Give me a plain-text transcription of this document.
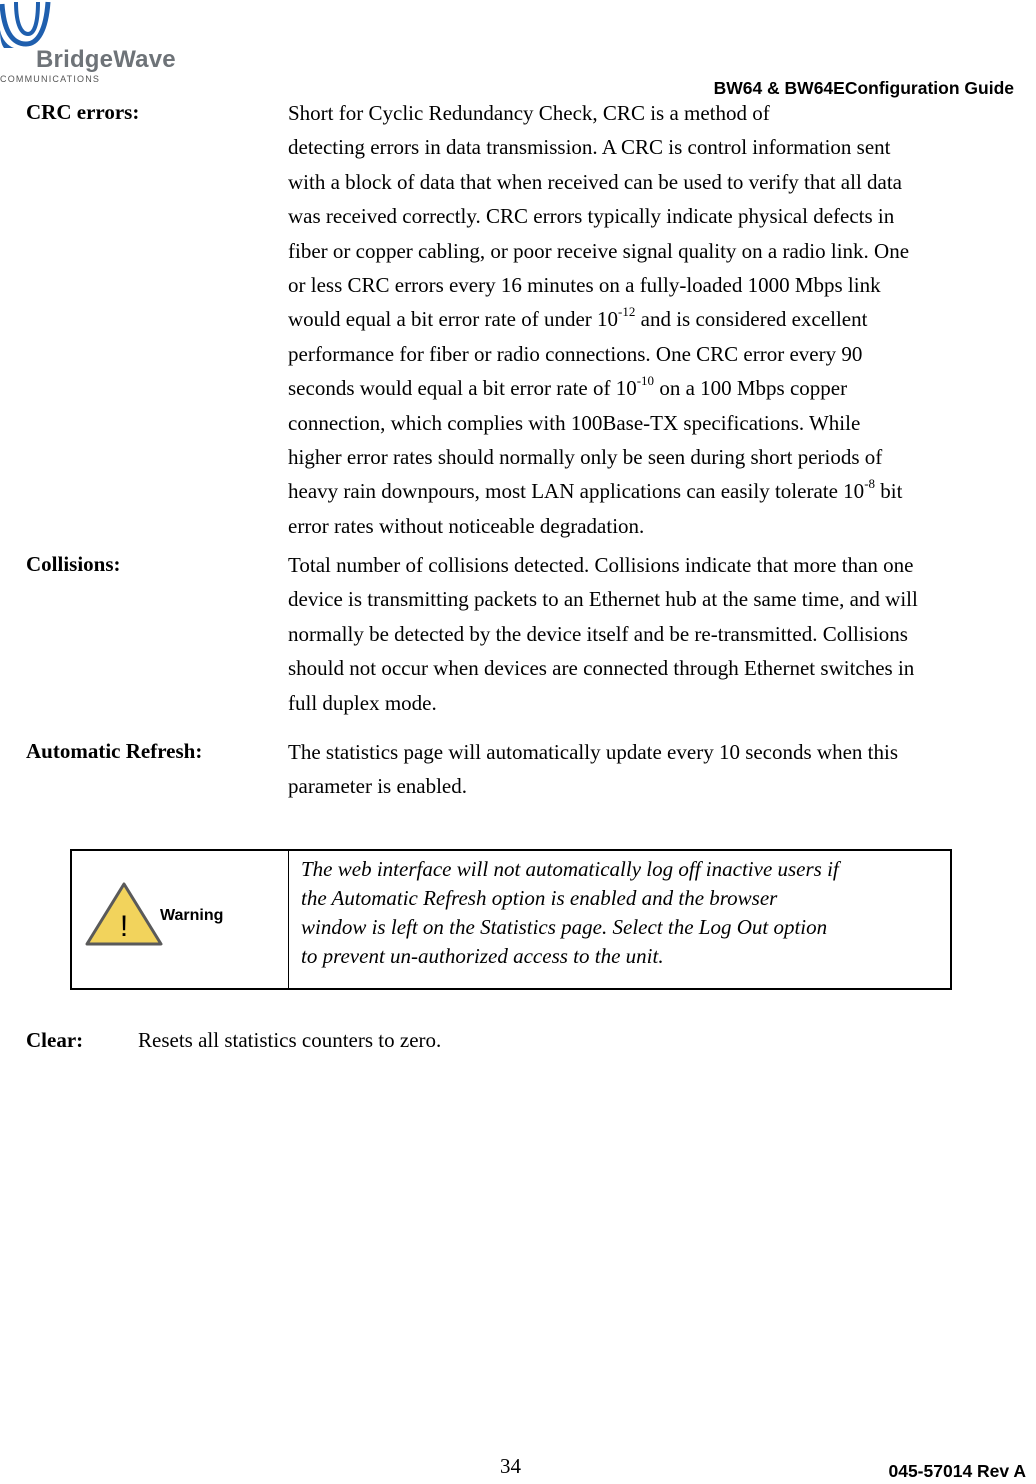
BridgeWave
COMMUNICATIONS	BW64 & BW64EConfiguration Guide
CRC errors:	Short for Cyclic Redundancy Check, CRC is a method of
detecting errors in data transmission. A CRC is control information sent
with a block of data that when received can be used to verify that all data
was received correctly. CRC errors typically indicate physical defects in
fiber or copper cabling, or poor receive signal quality on a radio link. One
or less CRC errors every 16 minutes on a fully-loaded 1000 Mbps link
would equal a bit error rate of under $10^{-12}$ and is considered excellent
performance for fiber or radio connections. One CRC error every 90
seconds would equal a bit error rate of $10^{-10}$ on a 100 Mbps copper
connection, which complies with 100Base-TX specifications. While
higher error rates should normally only be seen during short periods of
heavy rain downpours, most LAN applications can easily tolerate $10^{-8}$ bit
error rates without noticeable degradation.
Collisions:	Total number of collisions detected. Collisions indicate that more than one
device is transmitting packets to an Ethernet hub at the same time, and will
normally be detected by the device itself and be re-transmitted. Collisions
should not occur when devices are connected through Ethernet switches in
full duplex mode.
Automatic Refresh:	The statistics page will automatically update every 10 seconds when this
parameter is enabled.
! Warning
The web interface will not automatically log off inactive users if
the Automatic Refresh option is enabled and the browser
window is left on the Statistics page. Select the Log Out option
to prevent un-authorized access to the unit.
Clear:	Resets all statistics counters to zero.
34	045-57014 Rev A
